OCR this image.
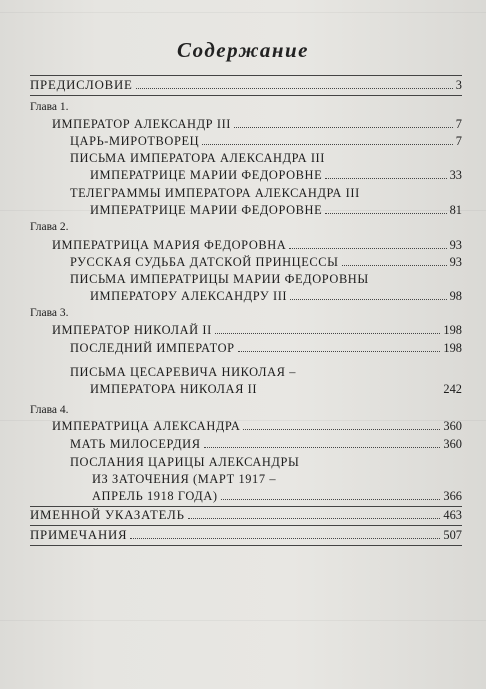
Содержание
ПРЕДИСЛОВИЕ	3
Глава 1.
ИМПЕРАТОР АЛЕКСАНДР III	7
ЦАРЬ-МИРОТВОРЕЦ	7
ПИСЬМА ИМПЕРАТОРА АЛЕКСАНДРА III
ИМПЕРАТРИЦЕ МАРИИ ФЕДОРОВНЕ	33
ТЕЛЕГРАММЫ ИМПЕРАТОРА АЛЕКСАНДРА III
ИМПЕРАТРИЦЕ МАРИИ ФЕДОРОВНЕ	81
Глава 2.
ИМПЕРАТРИЦА МАРИЯ ФЕДОРОВНА	93
РУССКАЯ СУДЬБА ДАТСКОЙ ПРИНЦЕССЫ	93
ПИСЬМА ИМПЕРАТРИЦЫ МАРИИ ФЕДОРОВНЫ
ИМПЕРАТОРУ АЛЕКСАНДРУ III	98
Глава 3.
ИМПЕРАТОР НИКОЛАЙ II	198
ПОСЛЕДНИЙ ИМПЕРАТОР	198
ПИСЬМА ЦЕСАРЕВИЧА НИКОЛАЯ –
ИМПЕРАТОРА НИКОЛАЯ II	242
Глава 4.
ИМПЕРАТРИЦА АЛЕКСАНДРА	360
МАТЬ МИЛОСЕРДИЯ	360
ПОСЛАНИЯ ЦАРИЦЫ АЛЕКСАНДРЫ
ИЗ ЗАТОЧЕНИЯ (МАРТ 1917 –
АПРЕЛЬ 1918 ГОДА)	366
ИМЕННОЙ УКАЗАТЕЛЬ	463
ПРИМЕЧАНИЯ	507
